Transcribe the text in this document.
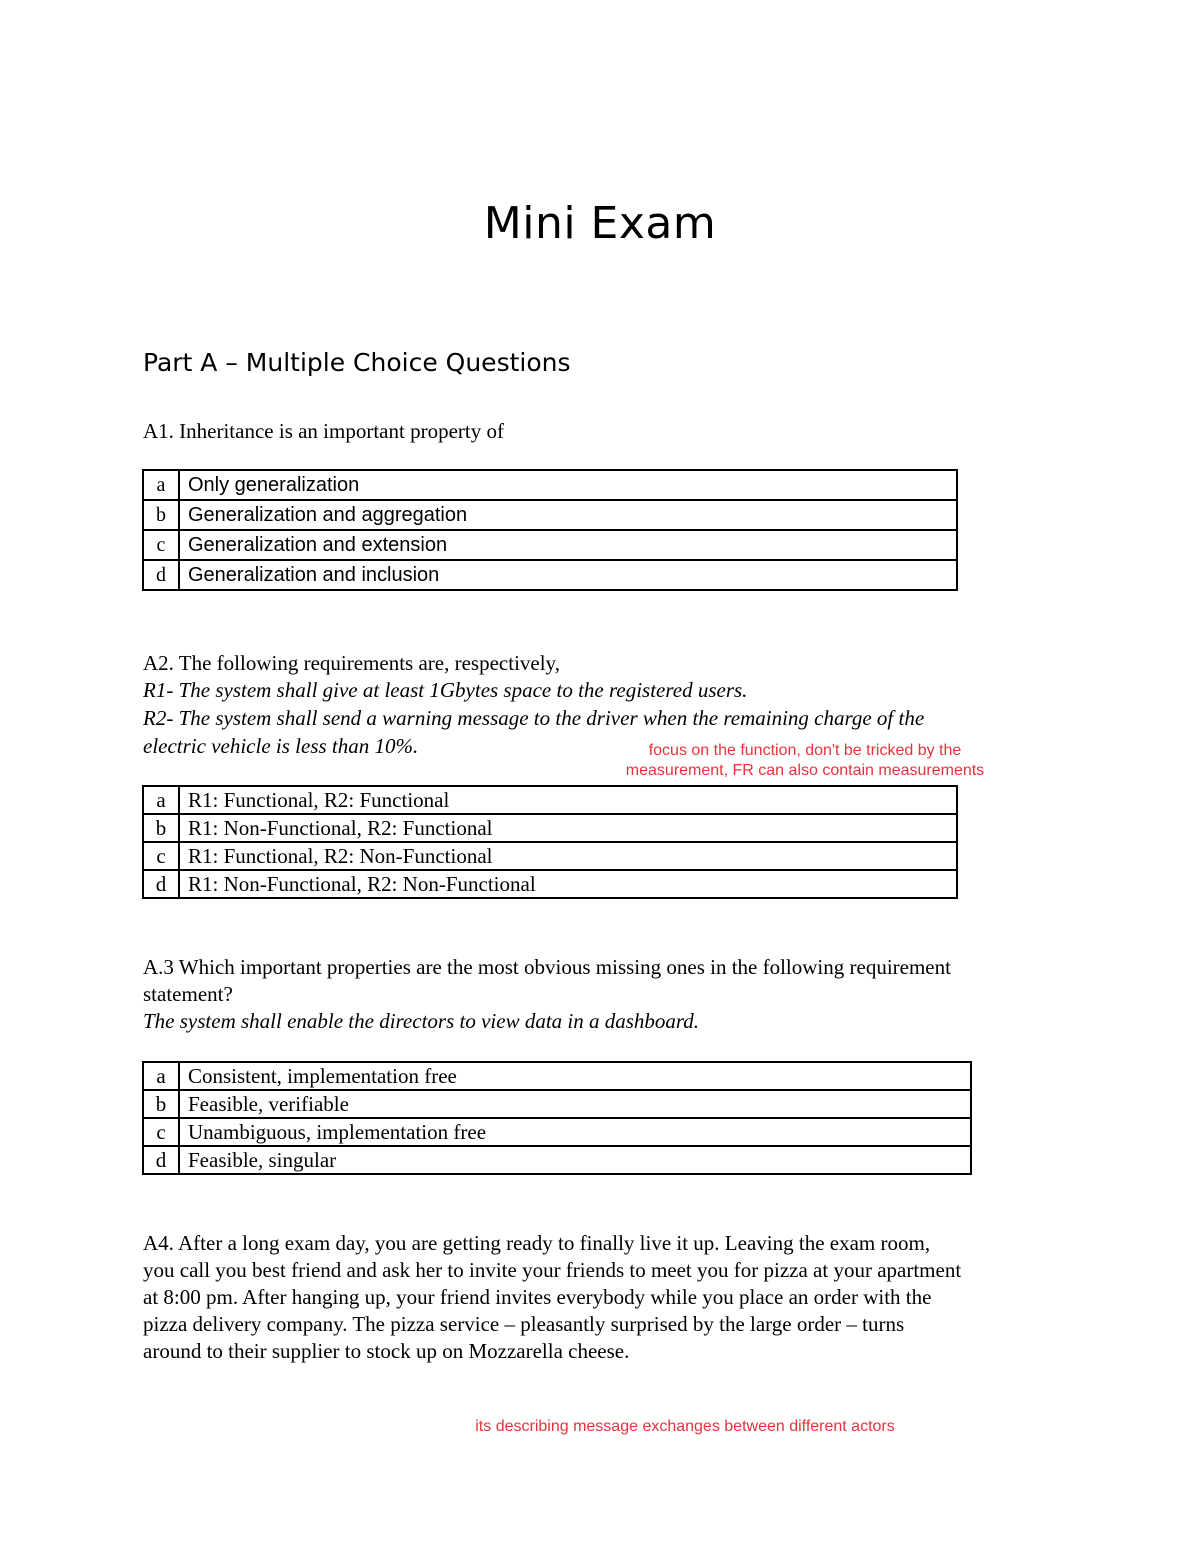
Mini Exam
Part A – Multiple Choice Questions
A1. Inheritance is an important property of
a	Only generalization
b	Generalization and aggregation
c	Generalization and extension
d	Generalization and inclusion
A2. The following requirements are, respectively,
R1- The system shall give at least 1Gbytes space to the registered users.
R2- The system shall send a warning message to the driver when the remaining charge of the
electric vehicle is less than 10%.	focus on the function, don't be tricked by the
measurement, FR can also contain measurements
a	R1: Functional, R2: Functional
b	R1: Non-Functional, R2: Functional
c	R1: Functional, R2: Non-Functional
d	R1: Non-Functional, R2: Non-Functional
A.3 Which important properties are the most obvious missing ones in the following requirement
statement?
The system shall enable the directors to view data in a dashboard.
a	Consistent, implementation free
b	Feasible, verifiable
c	Unambiguous, implementation free
d	Feasible, singular
A4. After a long exam day, you are getting ready to finally live it up. Leaving the exam room,
you call you best friend and ask her to invite your friends to meet you for pizza at your apartment
at 8:00 pm. After hanging up, your friend invites everybody while you place an order with the
pizza delivery company. The pizza service – pleasantly surprised by the large order – turns
around to their supplier to stock up on Mozzarella cheese.
its describing message exchanges between different actors
